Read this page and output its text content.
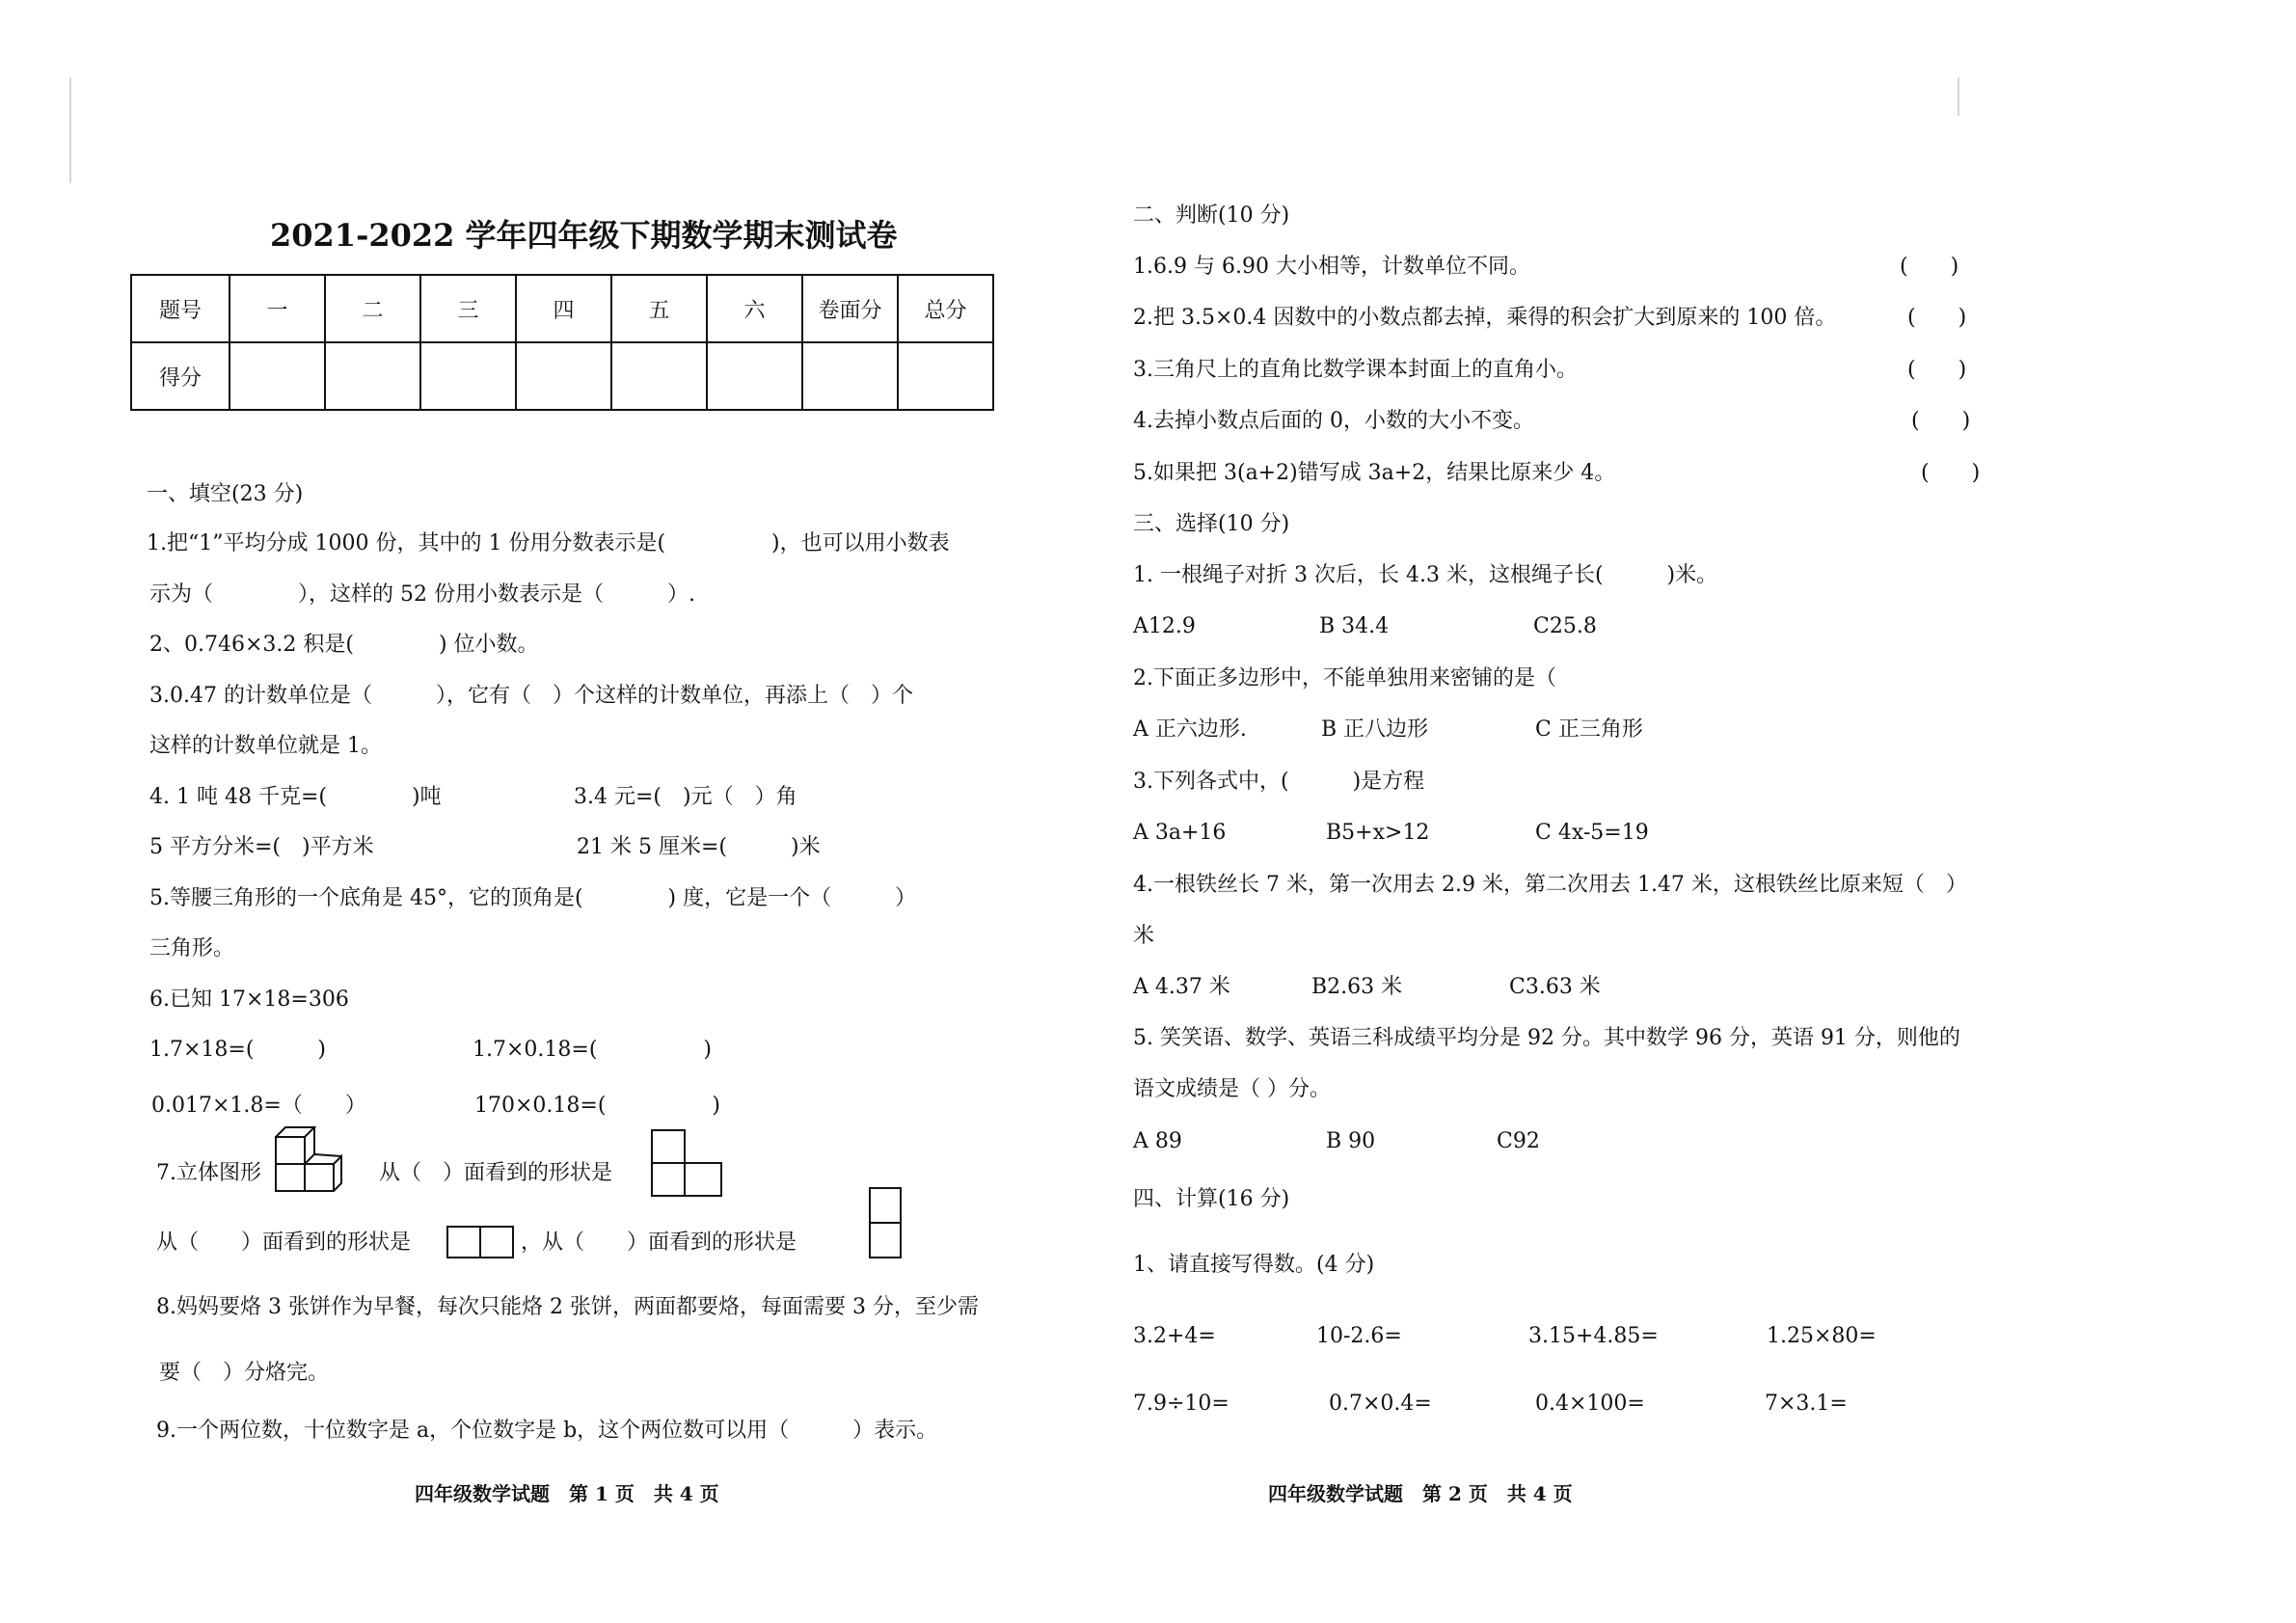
2021-2022 学年四年级下期数学期末测试卷
题号	一	二	三	四	五	六	卷面分	总分
得分								
一、填空(23 分)
1.把“1”平均分成 1000 份，其中的 1 份用分数表示是(　　　　　)，也可以用小数表
示为（　　　　），这样的 52 份用小数表示是（　　　）.
2、0.746×3.2 积是(　　　　) 位小数。
3.0.47 的计数单位是（　　　），它有（　）个这样的计数单位，再添上（　）个
这样的计数单位就是 1。
4. 1 吨 48 千克=(　　　　)吨	3.4 元=(　)元（　）角
5 平方分米=(　)平方米	21 米 5 厘米=(　　　)米
5.等腰三角形的一个底角是 45°，它的顶角是(　　　　) 度，它是一个（　　　）
三角形。
6.已知 17×18=306
1.7×18=(　　　)	1.7×0.18=(　　　　　)
0.017×1.8=（　　）	170×0.18=(　　　　　)
7.立体图形	从（　）面看到的形状是
从（　　）面看到的形状是	，从（　　）面看到的形状是
8.妈妈要烙 3 张饼作为早餐，每次只能烙 2 张饼，两面都要烙，每面需要 3 分，至少需
要（　）分烙完。
9.一个两位数，十位数字是 a，个位数字是 b，这个两位数可以用（　　　）表示。
四年级数学试题　第 1 页　共 4 页
二、判断(10 分)
1.6.9 与 6.90 大小相等，计数单位不同。	(　　)
2.把 3.5×0.4 因数中的小数点都去掉，乘得的积会扩大到原来的 100 倍。	(　　)
3.三角尺上的直角比数学课本封面上的直角小。	(　　)
4.去掉小数点后面的 0，小数的大小不变。	(　　)
5.如果把 3(a+2)错写成 3a+2，结果比原来少 4。	(　　)
三、选择(10 分)
1. 一根绳子对折 3 次后，长 4.3 米，这根绳子长(　　　)米。
A12.9	B 34.4	C25.8
2.下面正多边形中，不能单独用来密铺的是（
A 正六边形.	B 正八边形	C 正三角形
3.下列各式中，(　　　)是方程
A 3a+16	B5+x>12	C 4x-5=19
4.一根铁丝长 7 米，第一次用去 2.9 米，第二次用去 1.47 米，这根铁丝比原来短（　）
米
A 4.37 米	B2.63 米	C3.63 米
5. 笑笑语、数学、英语三科成绩平均分是 92 分。其中数学 96 分，英语 91 分，则他的
语文成绩是（ ）分。
A 89	B 90	C92
四、计算(16 分)
1、请直接写得数。(4 分)
3.2+4=	10-2.6=	3.15+4.85=	1.25×80=
7.9÷10=	0.7×0.4=	0.4×100=	7×3.1=
四年级数学试题　第 2 页　共 4 页
